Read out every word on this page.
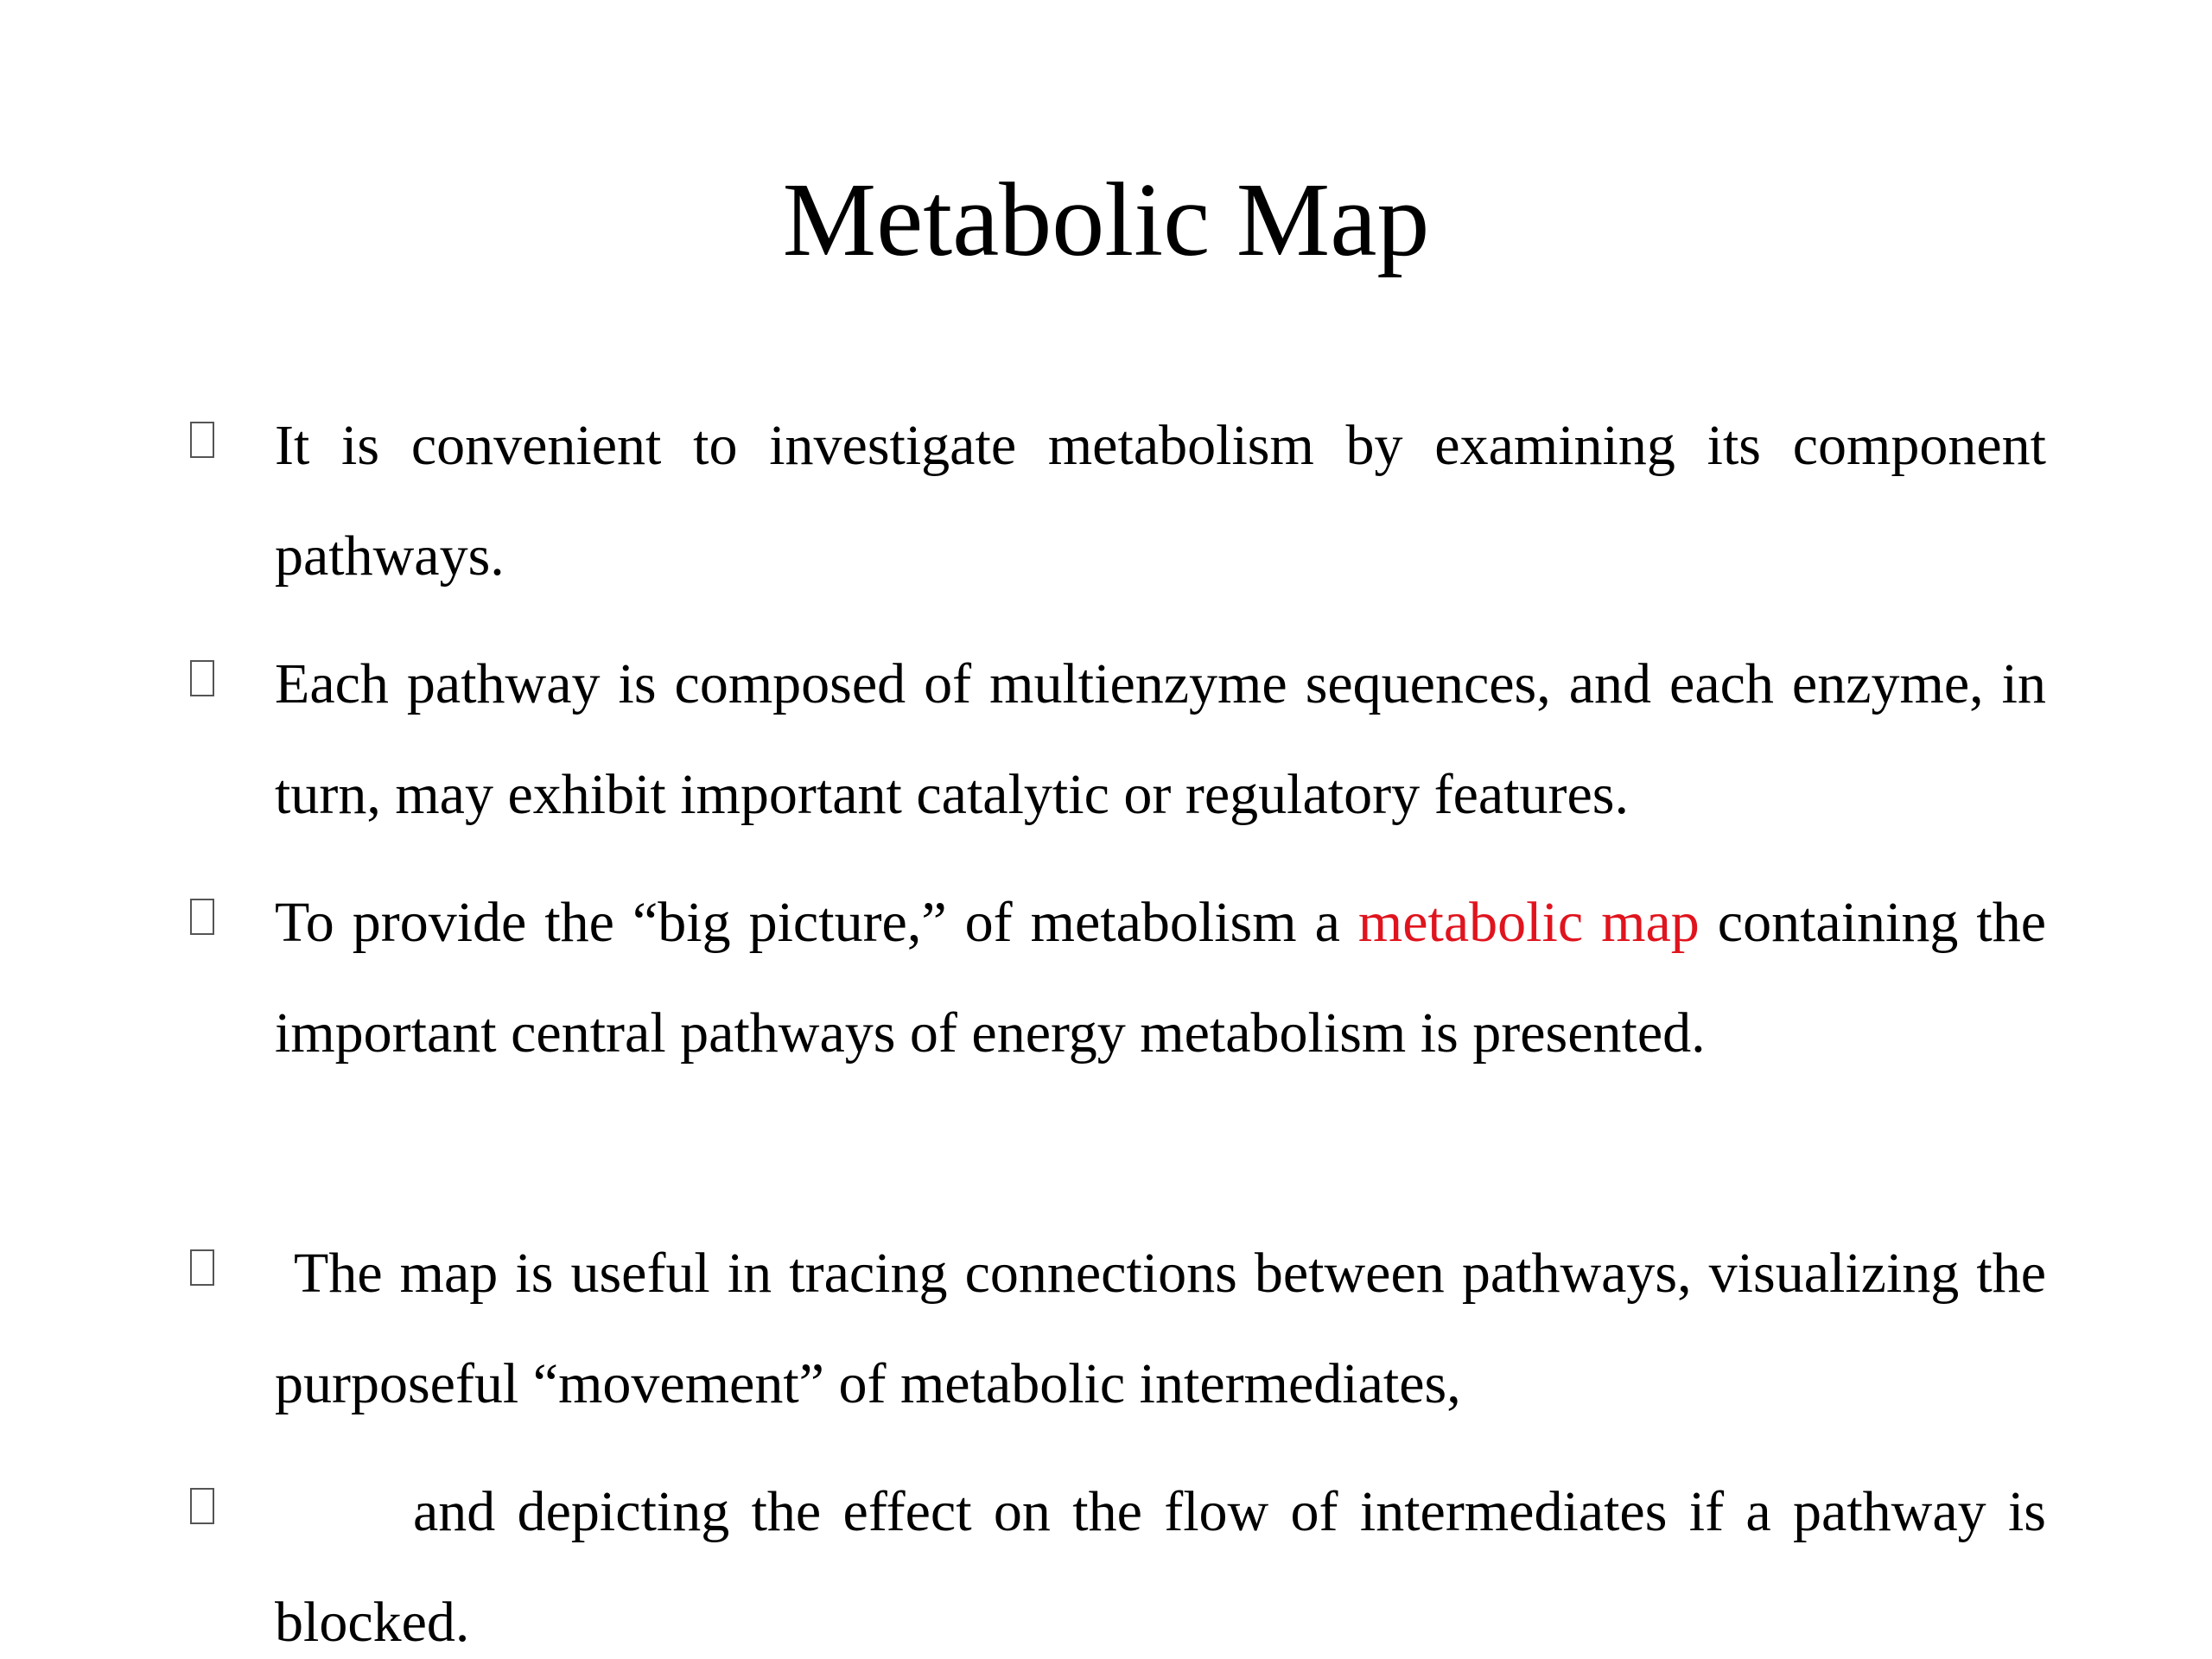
Metabolic Map

It is convenient to investigate metabolism by examining its component pathways.

Each pathway is composed of multienzyme sequences, and each enzyme, in turn, may exhibit important catalytic or regulatory features.

To provide the “big picture,” of metabolism a metabolic map containing the important central pathways of energy metabolism is presented.

The map is useful in tracing connections between pathways, visualizing the purposeful “movement” of metabolic intermediates,

and depicting the effect on the flow of intermediates if a pathway is blocked.
